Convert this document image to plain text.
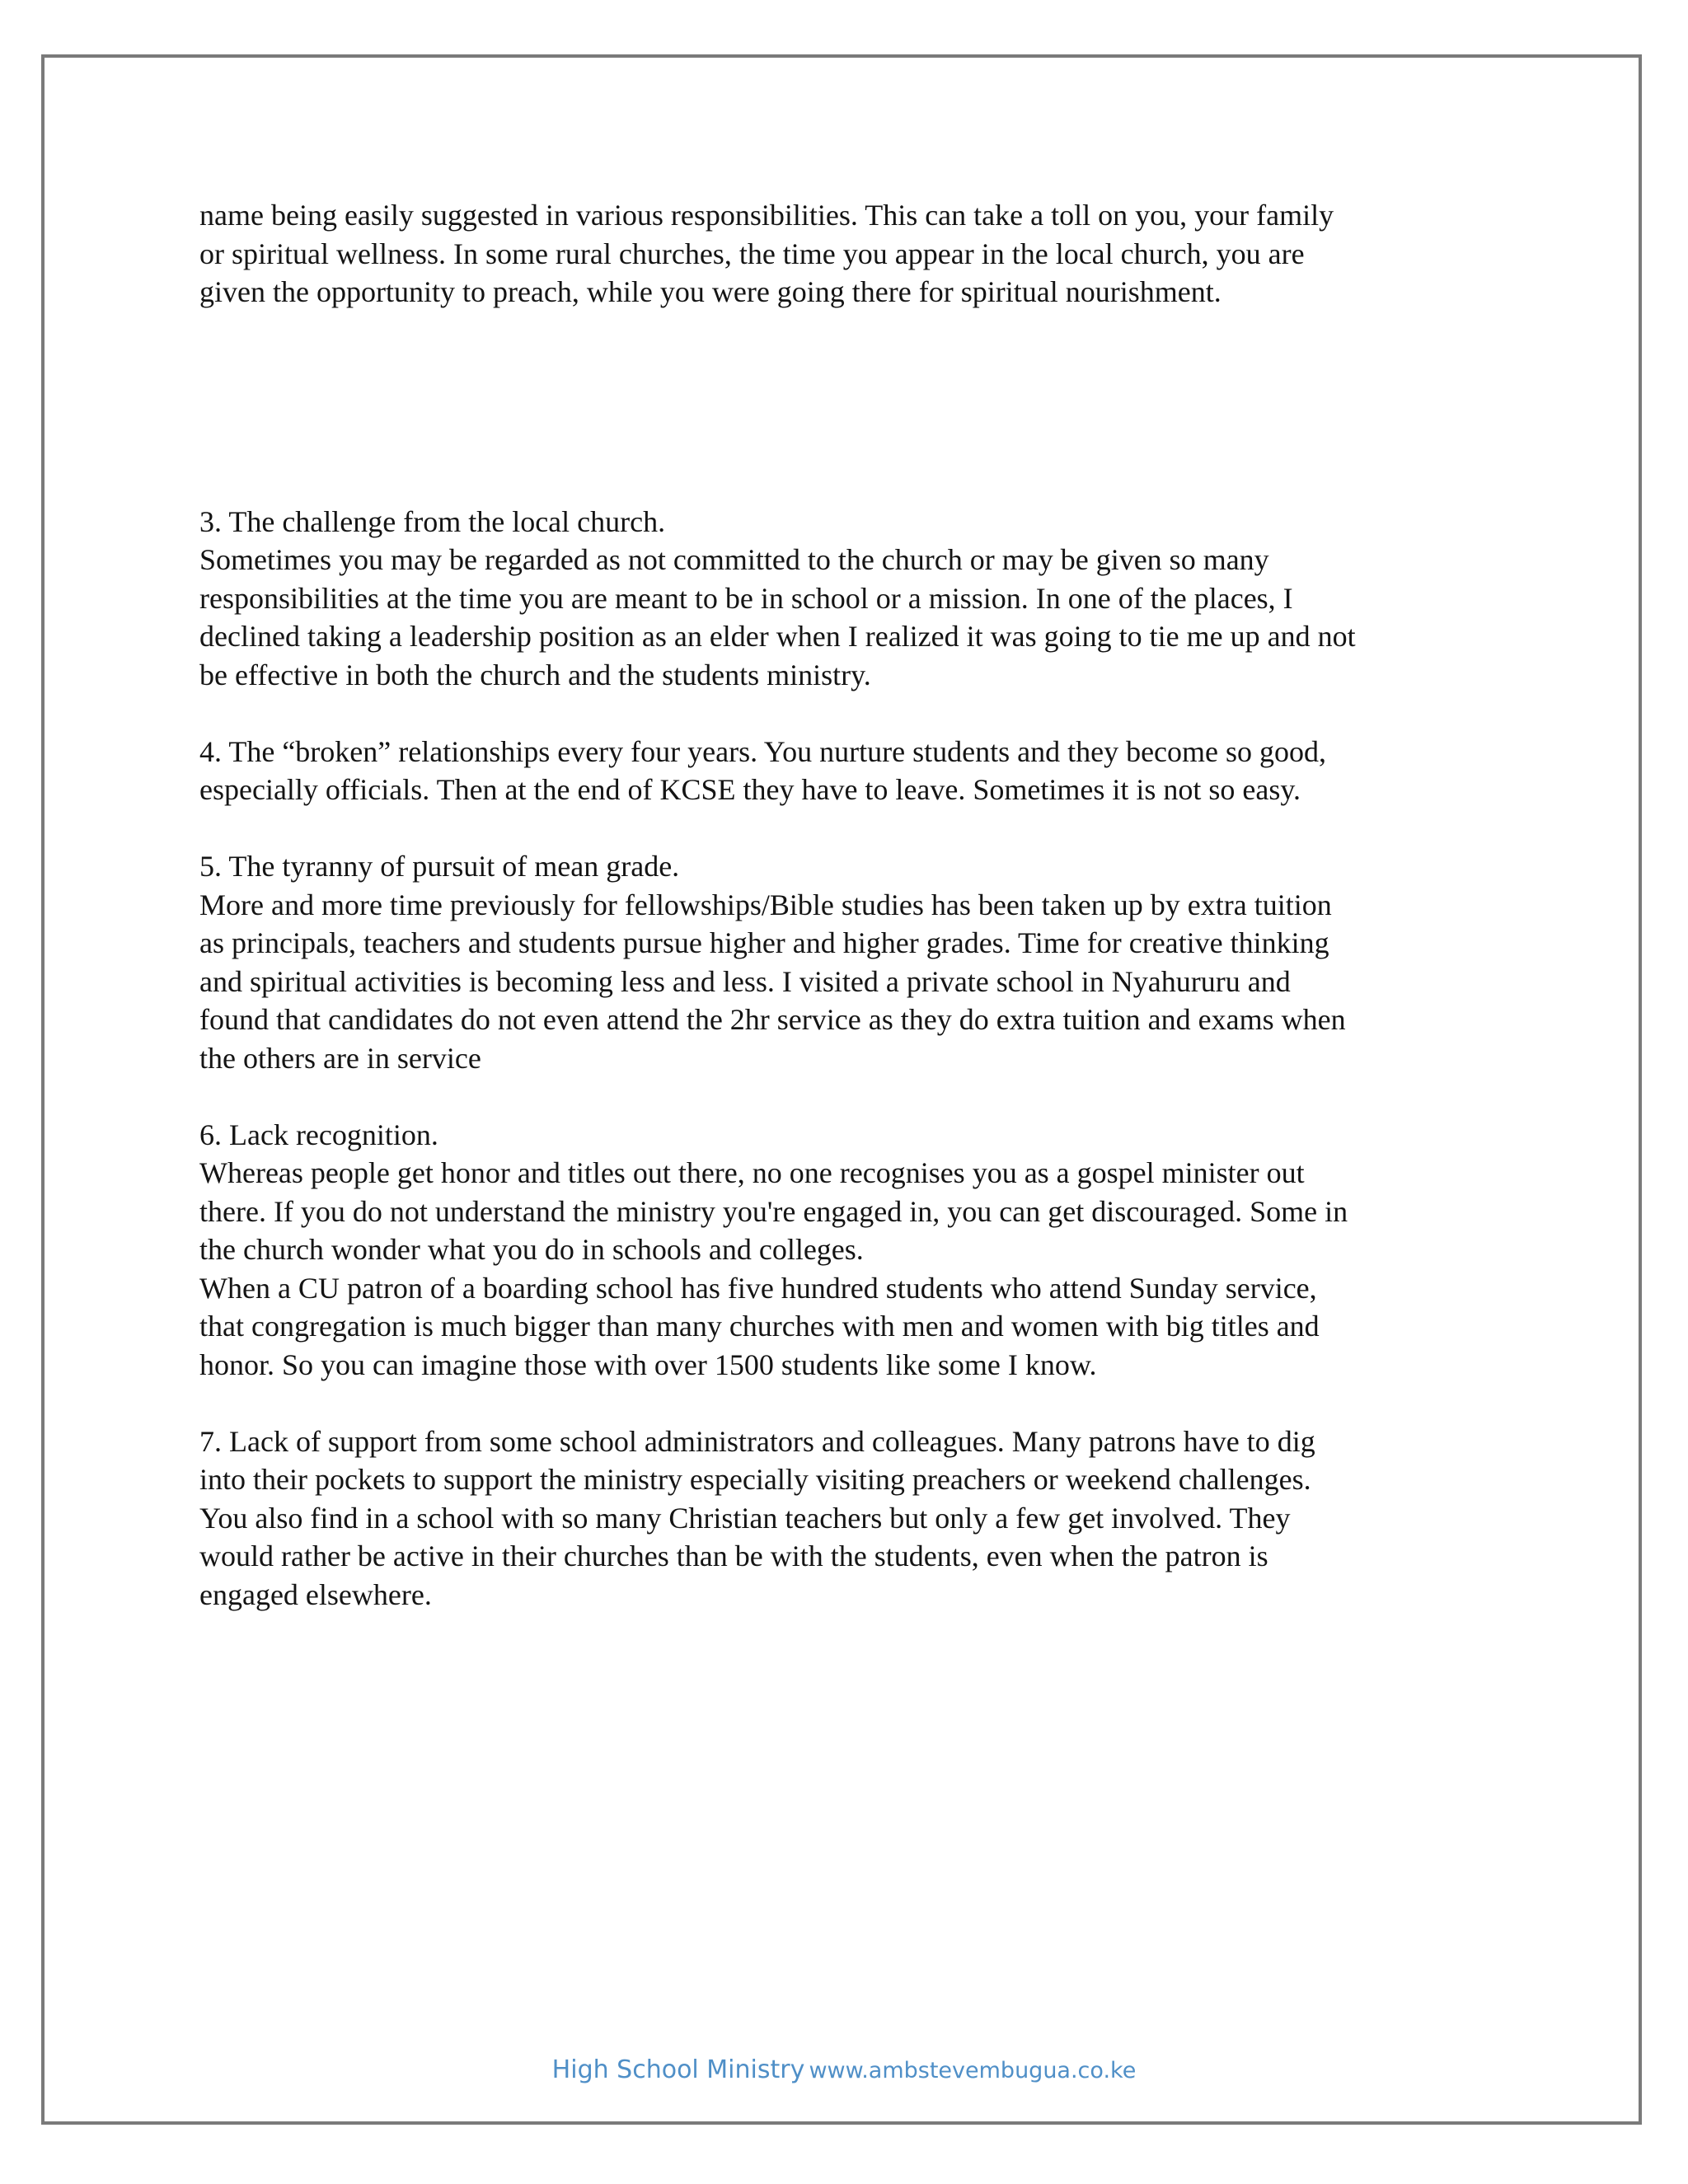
name being easily suggested in various responsibilities. This can take a toll on you, your family
or spiritual wellness. In some rural churches, the time you appear in the local church, you are
given the opportunity to preach, while you were going there for spiritual nourishment.
3. The challenge from the local church.
Sometimes you may be regarded as not committed to the church or may be given so many
responsibilities at the time you are meant to be in school or a mission. In one of the places, I
declined taking a leadership position as an elder when I realized it was going to tie me up and not
be effective in both the church and the students ministry.
4. The “broken” relationships every four years. You nurture students and they become so good,
especially officials. Then at the end of KCSE they have to leave. Sometimes it is not so easy.
5. The tyranny of pursuit of mean grade.
More and more time previously for fellowships/Bible studies has been taken up by extra tuition
as principals, teachers and students pursue higher and higher grades. Time for creative thinking
and spiritual activities is becoming less and less. I visited a private school in Nyahururu and
found that candidates do not even attend the 2hr service as they do extra tuition and exams when
the others are in service
6. Lack recognition.
Whereas people get honor and titles out there, no one recognises you as a gospel minister out
there. If you do not understand the ministry you're engaged in, you can get discouraged. Some in
the church wonder what you do in schools and colleges.
When a CU patron of a boarding school has five hundred students who attend Sunday service,
that congregation is much bigger than many churches with men and women with big titles and
honor. So you can imagine those with over 1500 students like some I know.
7. Lack of support from some school administrators and colleagues. Many patrons have to dig
into their pockets to support the ministry especially visiting preachers or weekend challenges.
You also find in a school with so many Christian teachers but only a few get involved. They
would rather be active in their churches than be with the students, even when the patron is
engaged elsewhere.
High School Ministry www.ambstevembugua.co.ke
